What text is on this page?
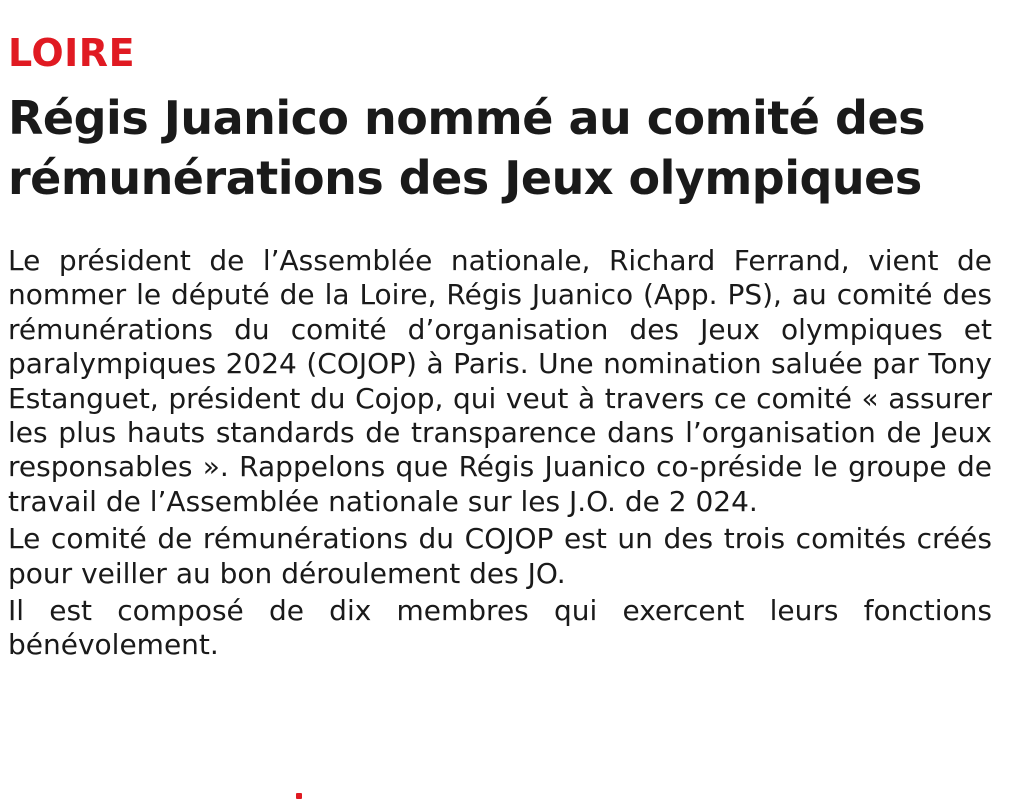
LOIRE
Régis Juanico nommé au comité des rémunérations des Jeux olympiques

Le président de l’Assemblée nationale, Richard Ferrand, vient de nommer le député de la Loire, Régis Juanico (App. PS), au comité des rémunérations du comité d’organisation des Jeux olympiques et paralympiques 2024 (COJOP) à Paris. Une nomination saluée par Tony Estanguet, président du Cojop, qui veut à travers ce comité « assurer les plus hauts standards de transparence dans l’organisation de Jeux responsables ». Rappelons que Régis Juanico co-préside le groupe de travail de l’Assemblée nationale sur les J.O. de 2 024.

Le comité de rémunérations du COJOP est un des trois comités créés pour veiller au bon déroulement des JO.

Il est composé de dix membres qui exercent leurs fonctions bénévolement.
